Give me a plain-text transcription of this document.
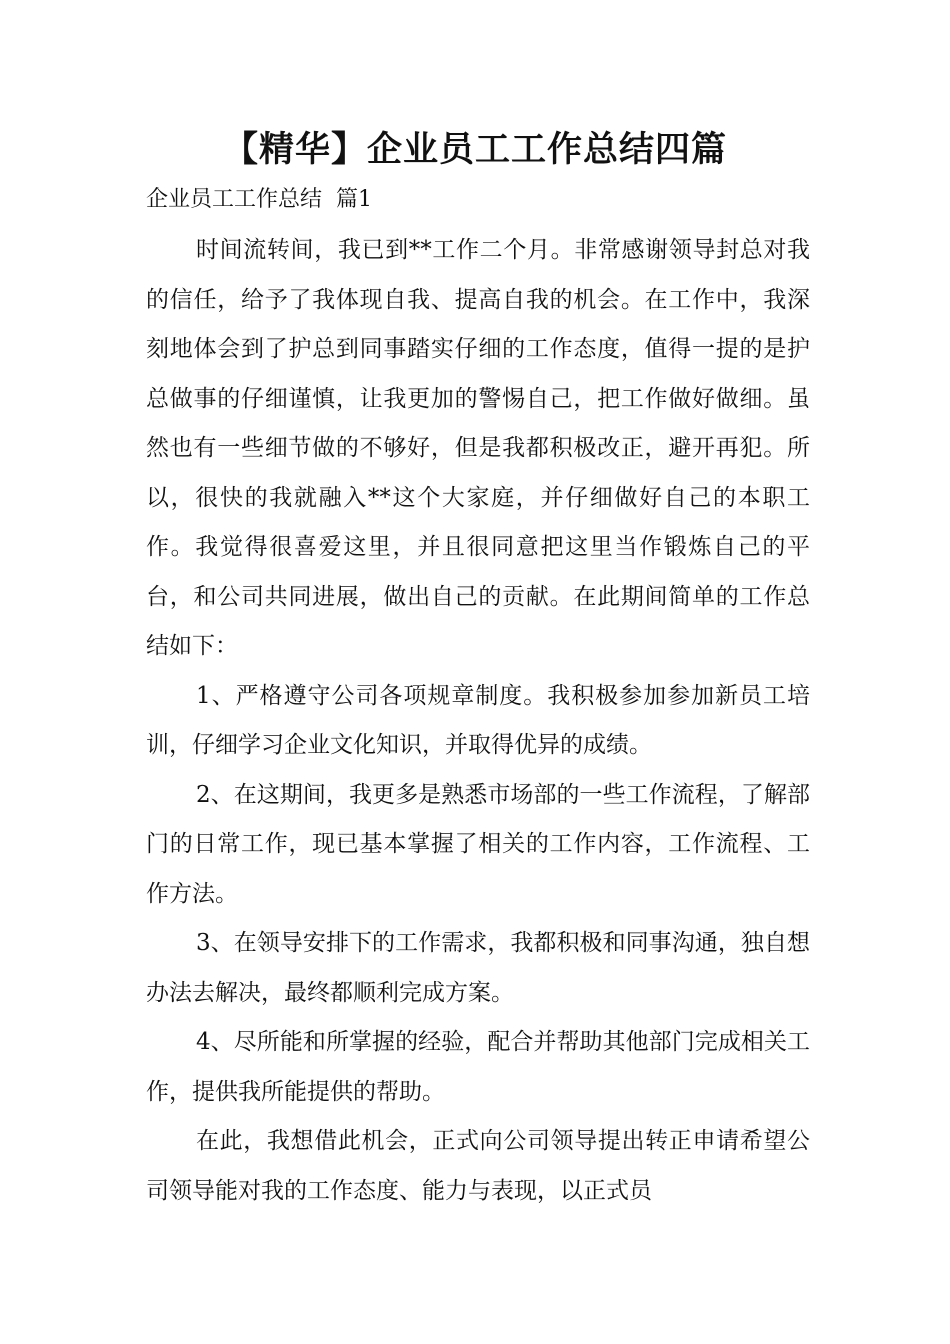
【精华】企业员工工作总结四篇

企业员工工作总结  篇1

时间流转间，我已到**工作二个月。非常感谢领导封总对我的信任，给予了我体现自我、提高自我的机会。在工作中，我深刻地体会到了护总到同事踏实仔细的工作态度，值得一提的是护总做事的仔细谨慎，让我更加的警惕自己，把工作做好做细。虽然也有一些细节做的不够好，但是我都积极改正，避开再犯。所以，很快的我就融入**这个大家庭，并仔细做好自己的本职工作。我觉得很喜爱这里，并且很同意把这里当作锻炼自己的平台，和公司共同进展，做出自己的贡献。在此期间简单的工作总结如下：

1、严格遵守公司各项规章制度。我积极参加参加新员工培训，仔细学习企业文化知识，并取得优异的成绩。

2、在这期间，我更多是熟悉市场部的一些工作流程，了解部门的日常工作，现已基本掌握了相关的工作内容，工作流程、工作方法。

3、在领导安排下的工作需求，我都积极和同事沟通，独自想办法去解决，最终都顺利完成方案。

4、尽所能和所掌握的经验，配合并帮助其他部门完成相关工作，提供我所能提供的帮助。

在此，我想借此机会，正式向公司领导提出转正申请希望公司领导能对我的工作态度、能力与表现，以正式员
